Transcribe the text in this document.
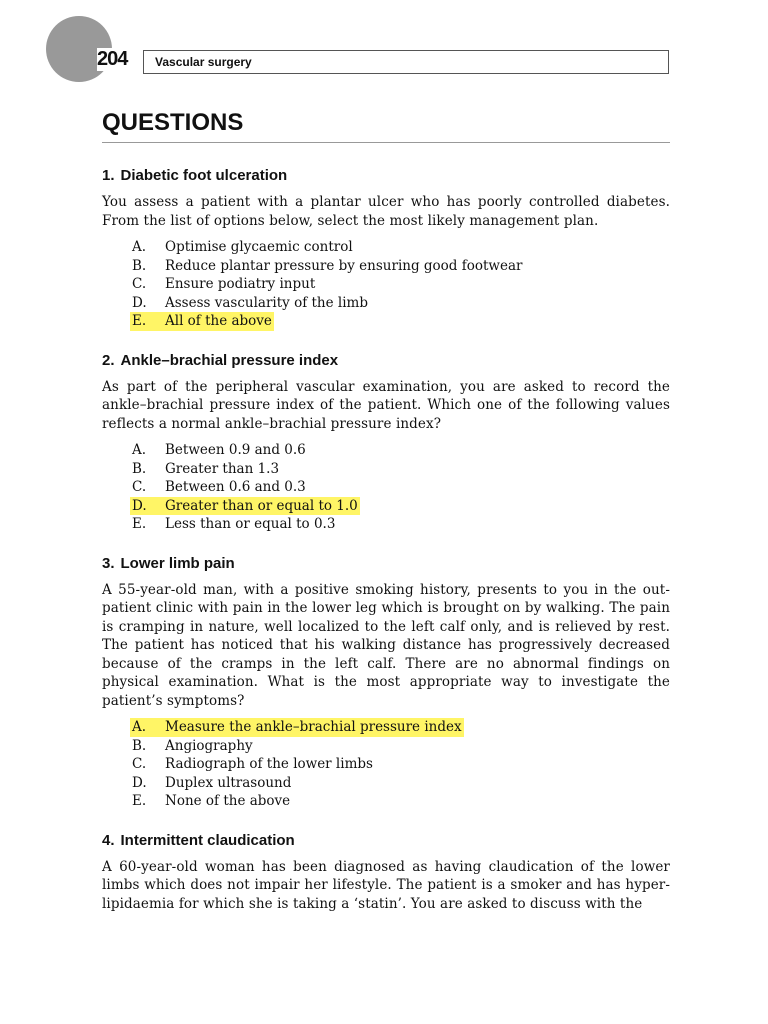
204 Vascular surgery
QUESTIONS
1. Diabetic foot ulceration

You assess a patient with a plantar ulcer who has poorly controlled diabetes. From the list of options below, select the most likely management plan.

A.	Optimise glycaemic control
B.	Reduce plantar pressure by ensuring good footwear
C.	Ensure podiatry input
D.	Assess vascularity of the limb
E. All of the above
2. Ankle–brachial pressure index

As part of the peripheral vascular examination, you are asked to record the ankle–brachial pressure index of the patient. Which one of the following values reflects a normal ankle–brachial pressure index?

A.	Between 0.9 and 0.6
B.	Greater than 1.3
C.	Between 0.6 and 0.3
D. Greater than or equal to 1.0
E.	Less than or equal to 0.3
3. Lower limb pain

A 55-year-old man, with a positive smoking history, presents to you in the out-patient clinic with pain in the lower leg which is brought on by walking. The pain is cramping in nature, well localized to the left calf only, and is relieved by rest. The patient has noticed that his walking distance has progressively decreased because of the cramps in the left calf. There are no abnormal findings on physical examination. What is the most appropriate way to investigate the patient’s symptoms?

A. Measure the ankle–brachial pressure index
B.	Angiography
C.	Radiograph of the lower limbs
D.	Duplex ultrasound
E.	None of the above
4. Intermittent claudication

A 60-year-old woman has been diagnosed as having claudication of the lower limbs which does not impair her lifestyle. The patient is a smoker and has hyper-lipidaemia for which she is taking a ‘statin’. You are asked to discuss with the
